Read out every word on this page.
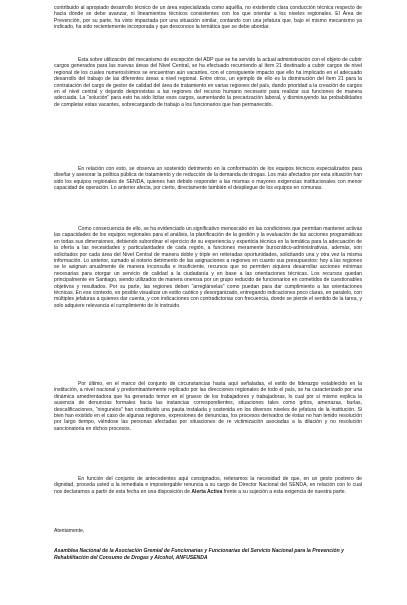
contribuido al apropiado desarrollo técnico de un área especializada como aquélla, no existiendo clara conducción técnica respecto de hacia dónde se debe avanzar, ni lineamientos técnicos consistentes con los que orientar a los niveles regionales. El Área de Prevención, por su parte, ha visto impactada por una situación similar, contando con una jefatura que, bajo el mismo mecanismo ya indicado, ha sido recientemente incorporada y que desconoce la temática que se debe abordar.

Esta sobre utilización del mecanismo de excepción del ADP que se ha servido la actual administración con el objeto de cubrir cargos generados para las nuevas áreas del Nivel Central, se ha efectuado recurriendo al ítem 21 destinado a cubrir cargos de nivel regional de los cuales numerosísimos se encuentran aún vacantes, con el consiguiente impacto que ello ha implicado en el adecuado desarrollo del trabajo de las diferentes áreas a nivel regional. Entre otros, un ejemplo de ello es la disminución del ítem 21 para la contratación del cargo de gestor de calidad del área de tratamiento en varias regiones del país, dando prioridad a la creación de cargos en el nivel central y dejando desprovistas a las regiones del recurso humano necesario para realizar sus funciones de manera adecuada. La “solución” para esto ha sido licitar esos cargos, aumentando la precarización laboral, y disminuyendo las probabilidades de completar estas vacantes, sobrecargando de trabajo a los funcionarios que han permanecido.

En relación con esto, se observa un sostenido detrimento en la conformación de los equipos técnicos especializados para diseñar y asesorar la política pública de tratamiento y de reducción de la demanda de drogas. Los más afectados por esta situación han sido los equipos regionales de SENDA, quienes han debido responder a las mismas o mayores exigencias institucionales con menor capacidad de operación. Lo anterior afecta, por cierto, directamente también el despliegue de los equipos en comunas.

Como consecuencia de ello, se ha evidenciado un significativo menoscabo en las condiciones que permitan mantener activas las capacidades de los equipos regionales para el análisis, la planificación de la gestión y la evaluación de las acciones programáticas en todas sus dimensiones, debiendo subordinar el ejercicio de su experiencia y experticia técnica en la temática para la adecuación de la oferta a las necesidades y particularidades de cada región, a funciones meramente burocrático-administrativas, además, son solicitados por cada área del Nivel Central de manera doble y triple en reiteradas oportunidades, solicitando una y otra vez la misma información. Lo anterior, sumado al notorio detrimento de las asignaciones a regiones en cuanto sus presupuestos: hoy a las regiones se le asignan anualmente de manera inconsulta e insuficiente, recursos que no permiten siquiera desarrollar acciones mínimas necesarias para otorgar un servicio de calidad a la ciudadanía y en base a las orientaciones técnicas. Los recursos quedan principalmente en Santiago, siendo utilizados de manera onerosa por un grupo reducido de funcionarios en cometidos de cuestionables objetivos y resultados. Por su parte, las regiones deben “arreglárselas” como puedan para dar cumplimiento a las orientaciones técnicas. En ese contexto, es posible visualizar un estilo caótico y desorganizado, entregando indicaciones poco claras, en paralelo, con múltiples jefaturas a quienes dar cuenta, y con indicaciones con contradictorias con frecuencia, donde se pierde el sentido de la tarea, y solo adquiere relevancia el cumplimiento de lo instruido.

Por último, en el marco del conjunto de circunstancias hasta aquí señaladas, el estilo de liderazgo establecido en la institución, a nivel nacional y predominantemente replicado por las direcciones regionales de todo el país, se ha caracterizado por una dinámica amedrentadora que ha generado temor en el grueso de los trabajadores y trabajadoras, lo cual por sí mismo explica la ausencia de denuncias formales hacia las instancias correspondientes, situaciones tales como gritos, amenazas, burlas, descalificaciones, “ningunéos” han constituido una pauta instalada y sostenida en los diversos niveles de jefatura de la institución. Si bien han existido en el caso de algunas regiones, expresiones de denuncias, los procesos derivados de éstas no han tenido resolución por largo tiempo, viéndose las personas afectadas por situaciones de re victimización asociadas a la dilación y no resolución sancionatoria en dichos procesos.

En función del conjunto de antecedentes aquí consignados, reiteramos la necesidad de que, en un gesto postrero de dignidad, proceda usted a la inmediata e impostergable renuncia a su cargo de Director Nacional del SENDA, en relación con lo cual nos declaramos a partir de esta fecha en una disposición de Alerta Activa frente a su sujeción a esta exigencia de nuestra parte.

Atentamente,

Asamblea Nacional de la Asociación Gremial de Funcionarias y Funcionarias del Servicio Nacional para la Prevención y Rehabilitación del Consumo de Drogas y Alcohol, ANFUSENDA
